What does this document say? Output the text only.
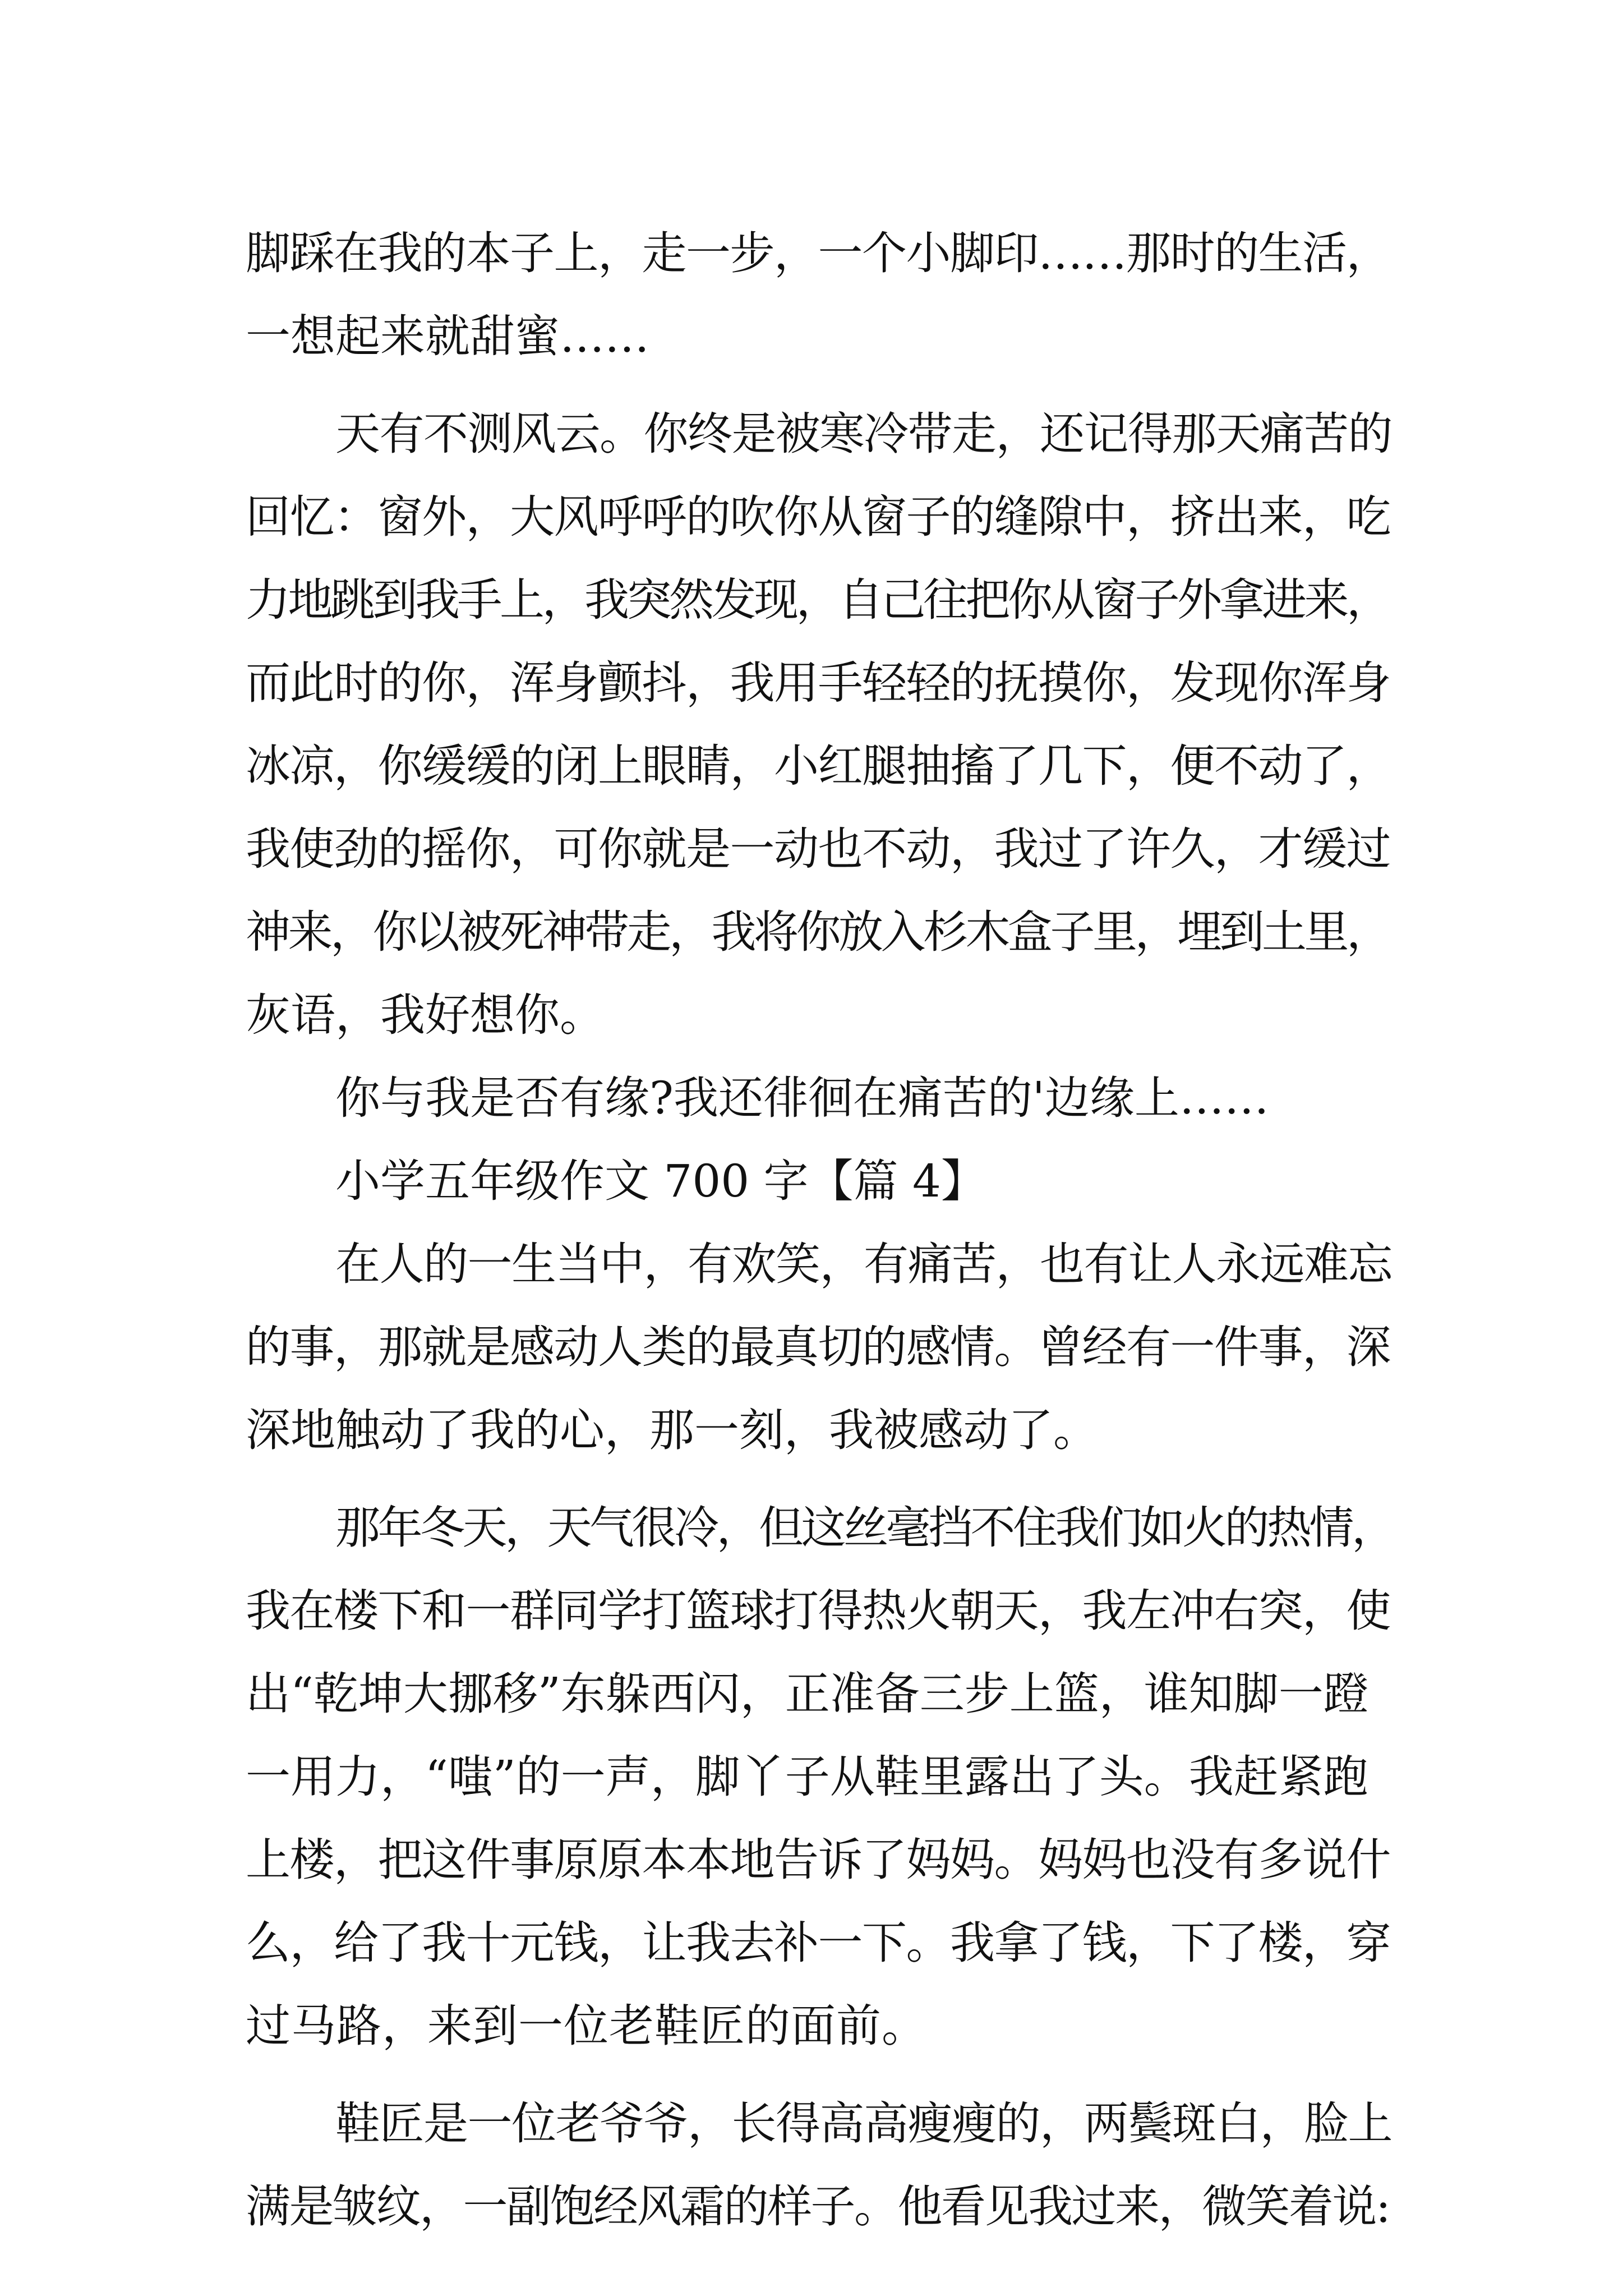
脚踩在我的本子上，走一步，一个小脚印……那时的生活，
一想起来就甜蜜……
天有不测风云。你终是被寒冷带走，还记得那天痛苦的
回忆：窗外，大风呼呼的吹你从窗子的缝隙中，挤出来，吃
力地跳到我手上，我突然发现，自己往把你从窗子外拿进来，
而此时的你，浑身颤抖，我用手轻轻的抚摸你，发现你浑身
冰凉，你缓缓的闭上眼睛，小红腿抽搐了几下，便不动了，
我使劲的摇你，可你就是一动也不动，我过了许久，才缓过
神来，你以被死神带走，我将你放入杉木盒子里，埋到土里，
灰语，我好想你。
你与我是否有缘?我还徘徊在痛苦的'边缘上……
小学五年级作文 700 字【篇 4】
在人的一生当中，有欢笑，有痛苦，也有让人永远难忘
的事，那就是感动人类的最真切的感情。曾经有一件事，深
深地触动了我的心，那一刻，我被感动了。
那年冬天，天气很冷，但这丝毫挡不住我们如火的热情，
我在楼下和一群同学打篮球打得热火朝天，我左冲右突，使
出“乾坤大挪移”东躲西闪，正准备三步上篮，谁知脚一蹬
一用力，“嗤”的一声，脚丫子从鞋里露出了头。我赶紧跑
上楼，把这件事原原本本地告诉了妈妈。妈妈也没有多说什
么，给了我十元钱，让我去补一下。我拿了钱，下了楼，穿
过马路，来到一位老鞋匠的面前。
鞋匠是一位老爷爷，长得高高瘦瘦的，两鬓斑白，脸上
满是皱纹，一副饱经风霜的样子。他看见我过来，微笑着说:
